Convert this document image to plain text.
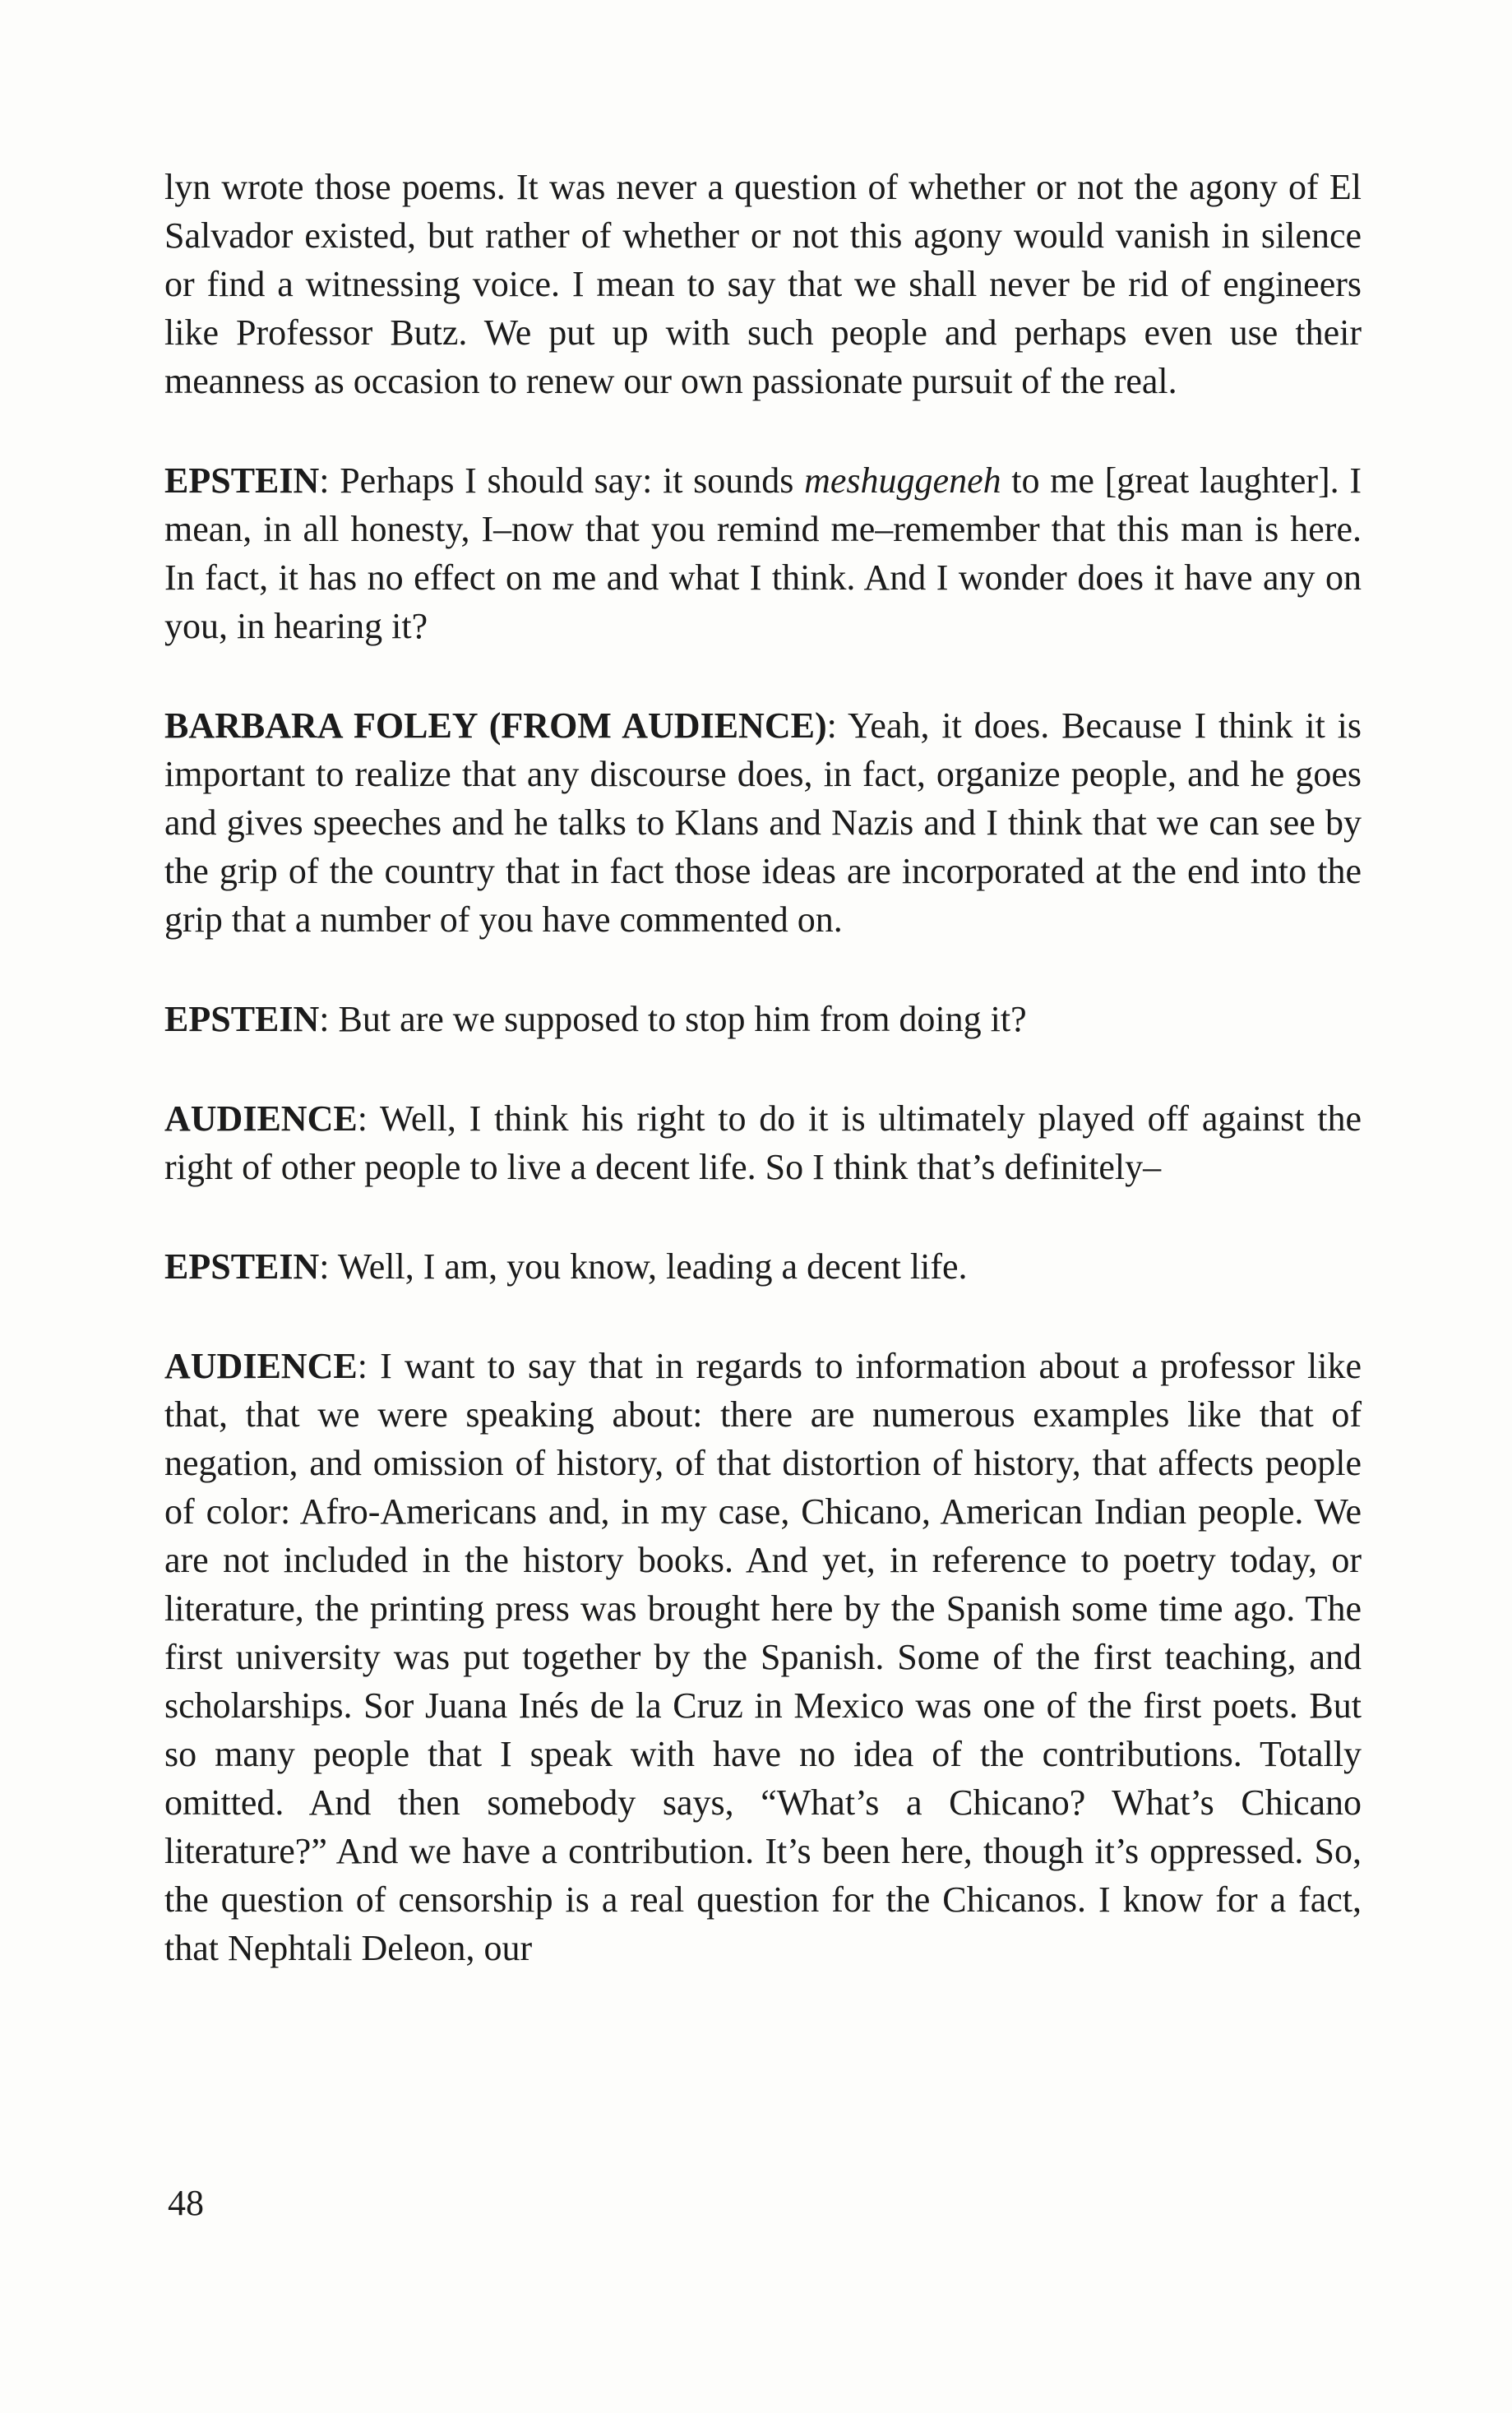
lyn wrote those poems. It was never a question of whether or not the agony of El Salvador existed, but rather of whether or not this agony would vanish in silence or find a witnessing voice. I mean to say that we shall never be rid of engineers like Professor Butz. We put up with such people and perhaps even use their meanness as occasion to renew our own passionate pursuit of the real.

EPSTEIN: Perhaps I should say: it sounds meshuggeneh to me [great laughter]. I mean, in all honesty, I–now that you remind me–remember that this man is here. In fact, it has no effect on me and what I think. And I wonder does it have any on you, in hearing it?

BARBARA FOLEY (FROM AUDIENCE): Yeah, it does. Because I think it is important to realize that any discourse does, in fact, organize people, and he goes and gives speeches and he talks to Klans and Nazis and I think that we can see by the grip of the country that in fact those ideas are incorporated at the end into the grip that a number of you have commented on.

EPSTEIN: But are we supposed to stop him from doing it?

AUDIENCE: Well, I think his right to do it is ultimately played off against the right of other people to live a decent life. So I think that’s definitely–

EPSTEIN: Well, I am, you know, leading a decent life.

AUDIENCE: I want to say that in regards to information about a professor like that, that we were speaking about: there are numerous examples like that of negation, and omission of history, of that distortion of history, that affects people of color: Afro-Americans and, in my case, Chicano, American Indian people. We are not included in the history books. And yet, in reference to poetry today, or literature, the printing press was brought here by the Spanish some time ago. The first university was put together by the Spanish. Some of the first teaching, and scholarships. Sor Juana Inés de la Cruz in Mexico was one of the first poets. But so many people that I speak with have no idea of the contributions. Totally omitted. And then somebody says, “What’s a Chicano? What’s Chicano literature?” And we have a contribution. It’s been here, though it’s oppressed. So, the question of censorship is a real question for the Chicanos. I know for a fact, that Nephtali Deleon, our

48
